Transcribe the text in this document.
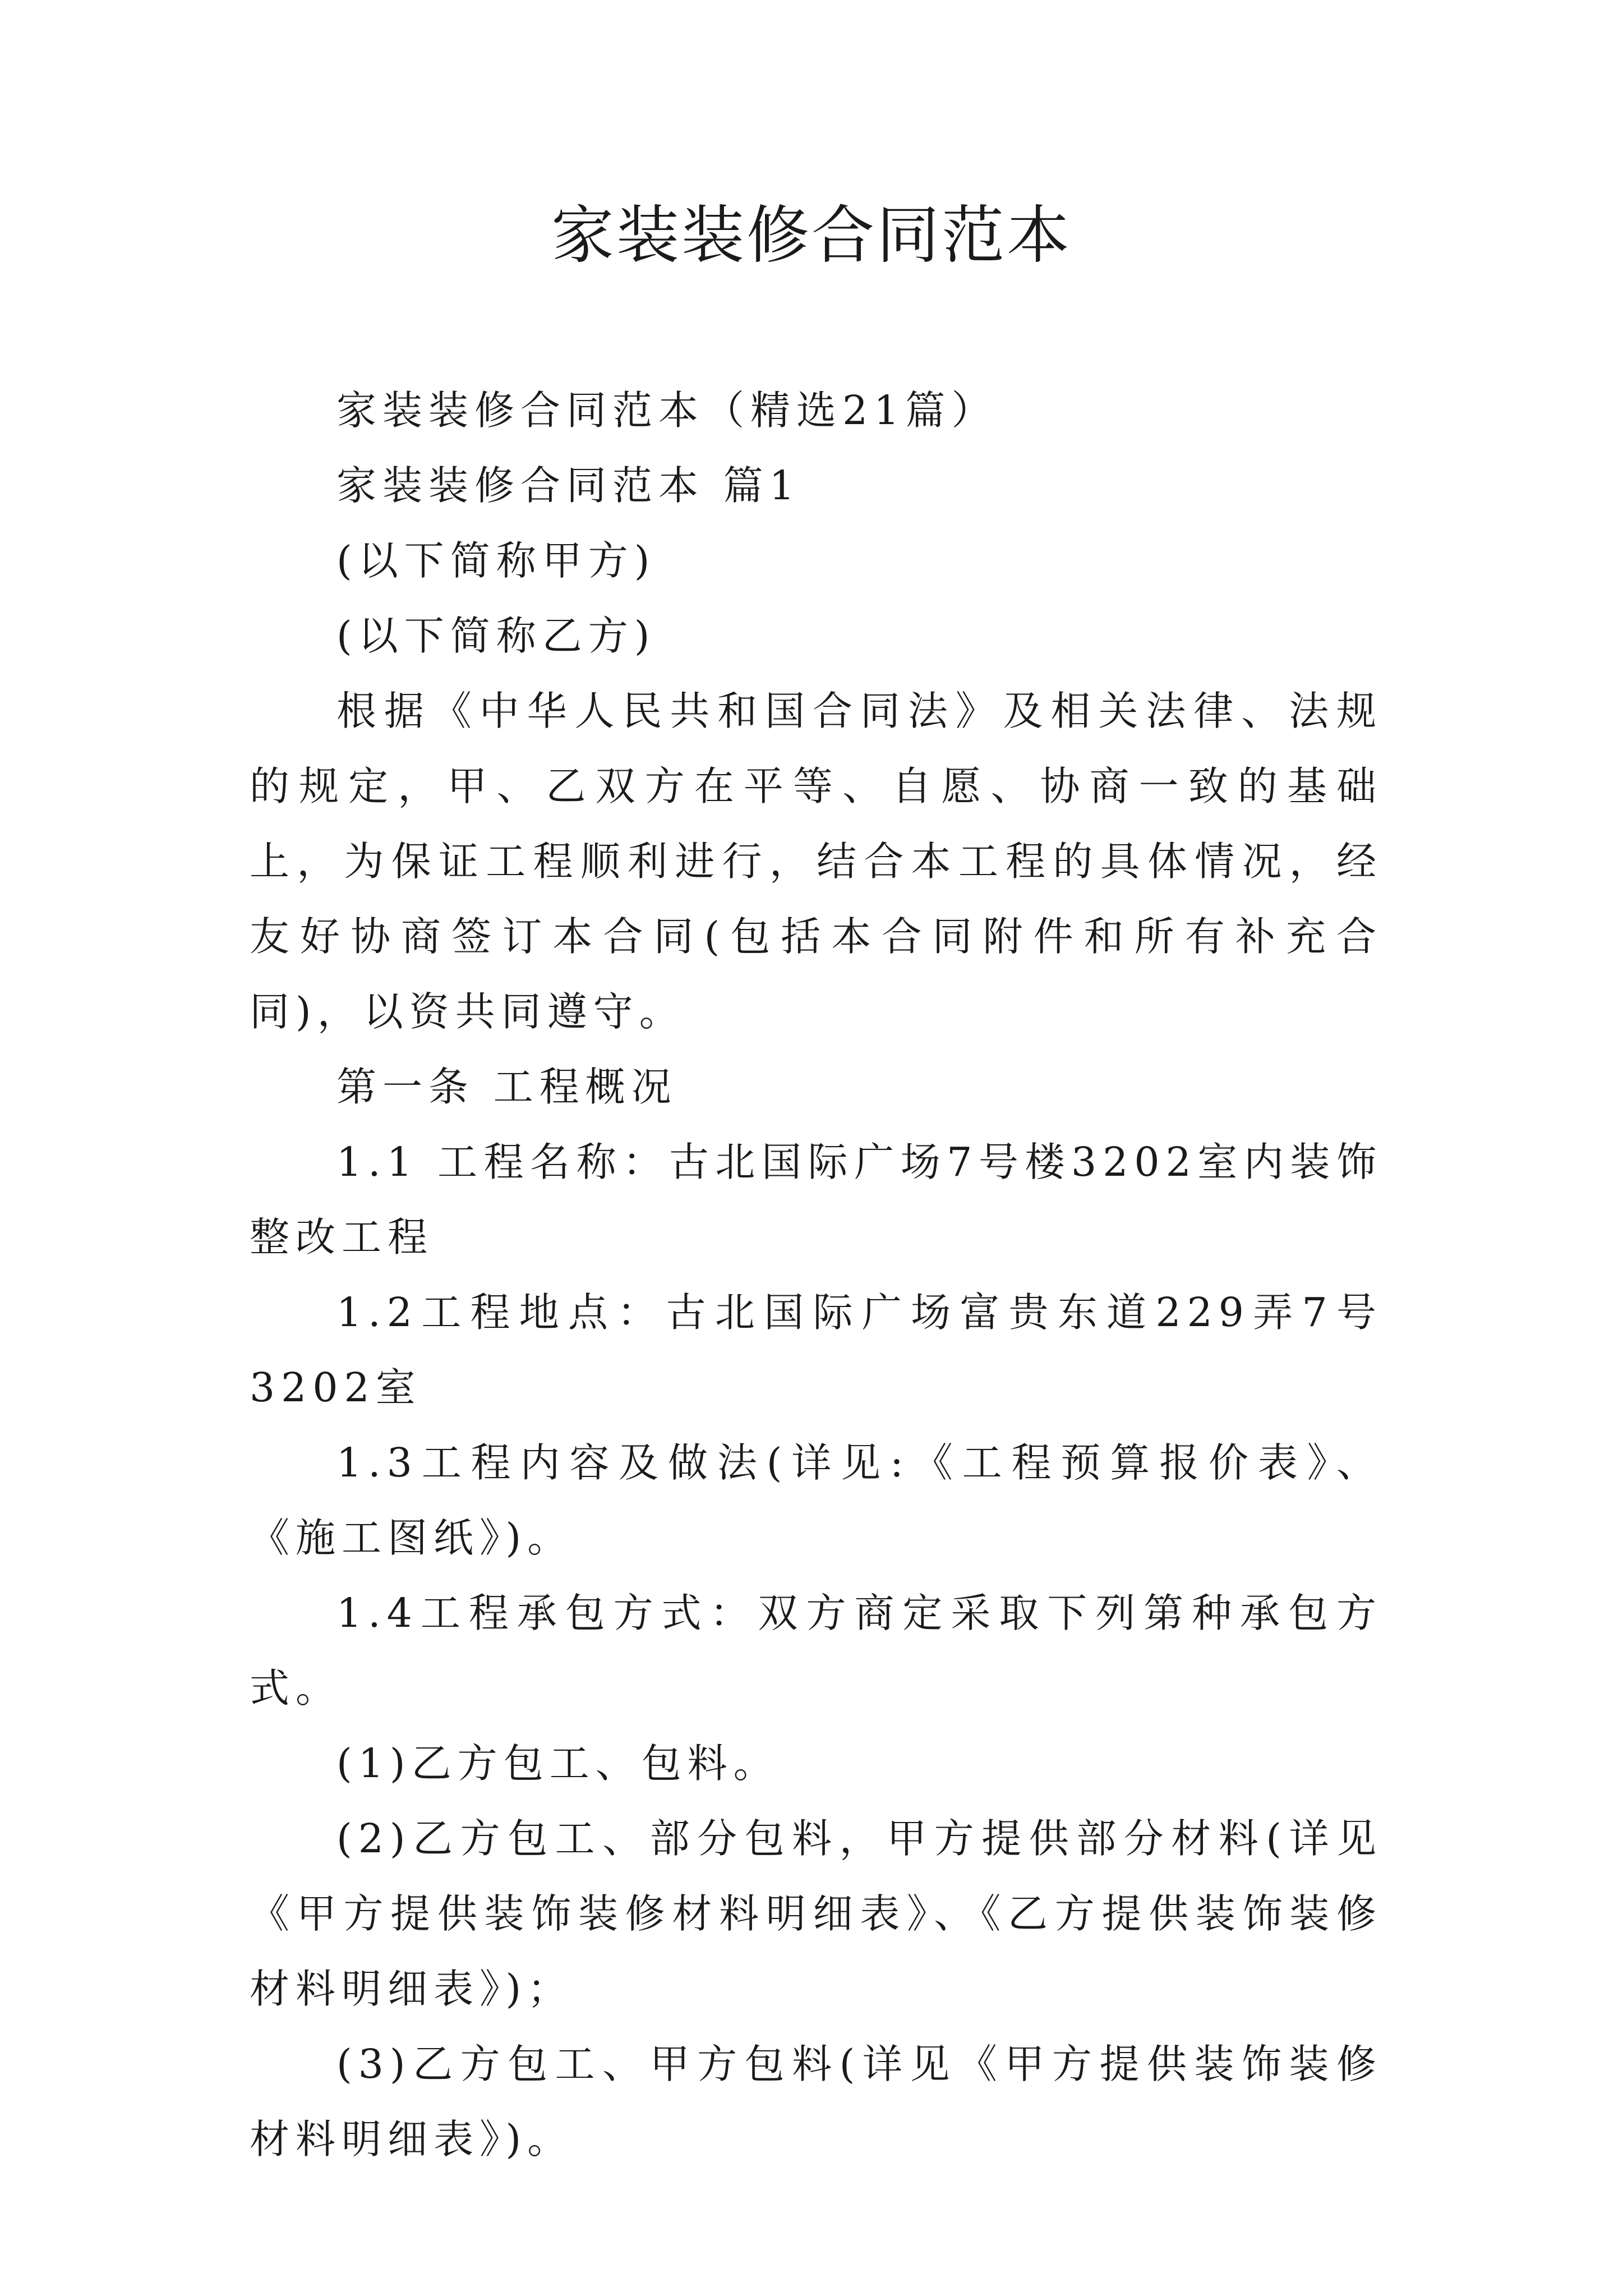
家装装修合同范本

家装装修合同范本（精选21篇）

家装装修合同范本 篇1

(以下简称甲方)

(以下简称乙方)

根据《中华人民共和国合同法》及相关法律、法规的规定，甲、乙双方在平等、自愿、协商一致的基础上，为保证工程顺利进行，结合本工程的具体情况，经友好协商签订本合同(包括本合同附件和所有补充合同)，以资共同遵守。

第一条 工程概况

1.1 工程名称：古北国际广场7号楼3202室内装饰整改工程

1.2工程地点：古北国际广场富贵东道229弄7号3202室

1.3工程内容及做法(详见:《工程预算报价表》、《施工图纸》)。

1.4工程承包方式：双方商定采取下列第种承包方式。

(1)乙方包工、包料。

(2)乙方包工、部分包料，甲方提供部分材料(详见《甲方提供装饰装修材料明细表》、《乙方提供装饰装修材料明细表》)；

(3)乙方包工、甲方包料(详见《甲方提供装饰装修材料明细表》)。
